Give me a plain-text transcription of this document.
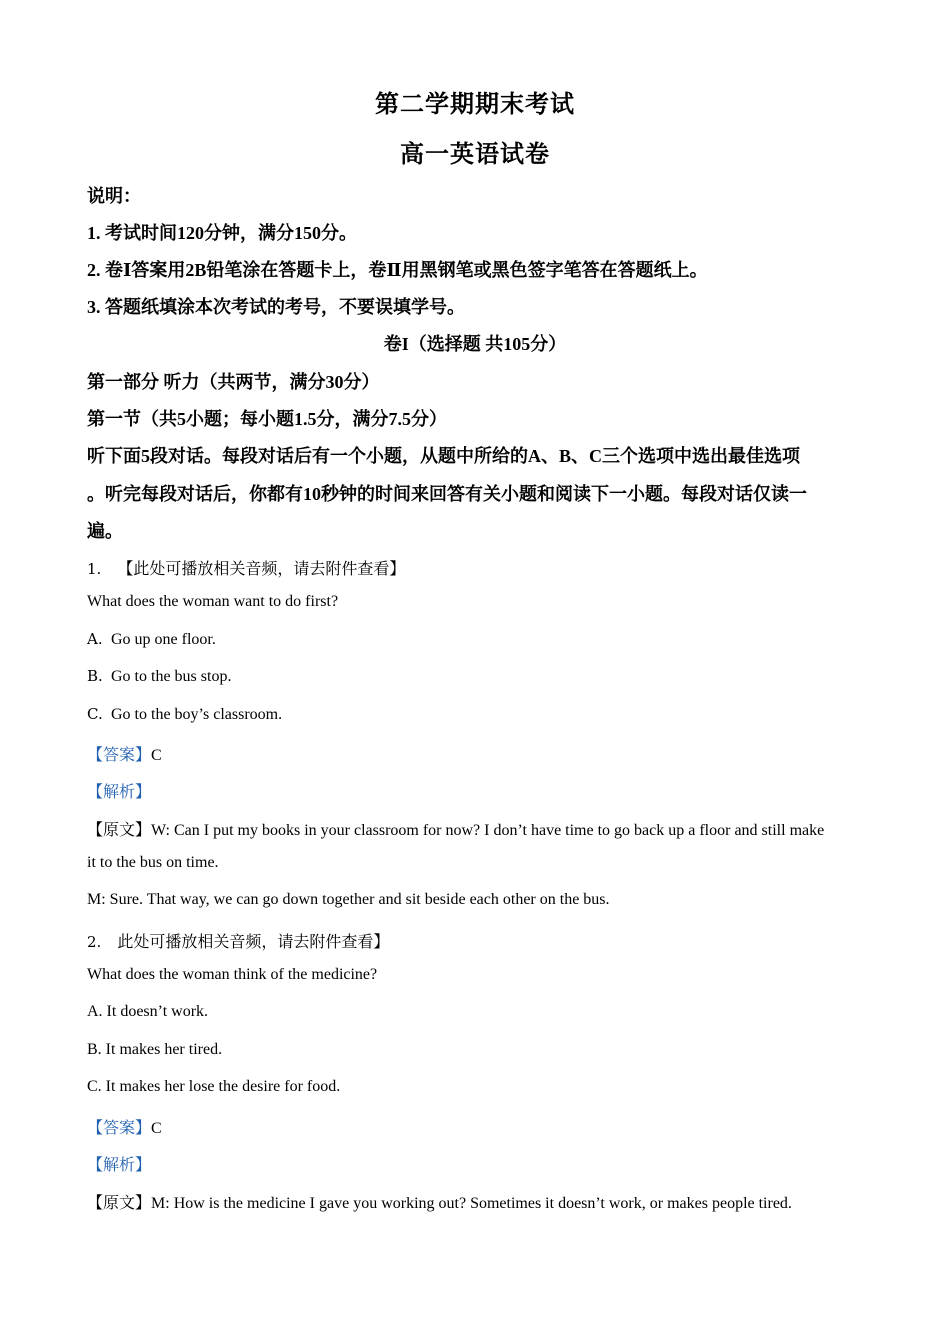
第二学期期末考试
高一英语试卷
说明：
1. 考试时间120分钟，满分150分。
2. 卷Ⅰ答案用2B铅笔涂在答题卡上，卷Ⅱ用黑钢笔或黑色签字笔答在答题纸上。
3. 答题纸填涂本次考试的考号，不要误填学号。
卷I（选择题 共105分）
第一部分 听力（共两节，满分30分）
第一节（共5小题；每小题1.5分，满分7.5分）
听下面5段对话。每段对话后有一个小题，从题中所给的A、B、C三个选项中选出最佳选项
。听完每段对话后，你都有10秒钟的时间来回答有关小题和阅读下一小题。每段对话仅读一
遍。
1. 【此处可播放相关音频，请去附件查看】
What does the woman want to do first?
A. Go up one floor.
B. Go to the bus stop.
C. Go to the boy’s classroom.
【答案】C
【解析】
【原文】W: Can I put my books in your classroom for now? I don’t have time to go back up a floor and still make
it to the bus on time.
M: Sure. That way, we can go down together and sit beside each other on the bus.
2. 此处可播放相关音频，请去附件查看】
What does the woman think of the medicine?
A. It doesn’t work.
B. It makes her tired.
C. It makes her lose the desire for food.
【答案】C
【解析】
【原文】M: How is the medicine I gave you working out? Sometimes it doesn’t work, or makes people tired.
